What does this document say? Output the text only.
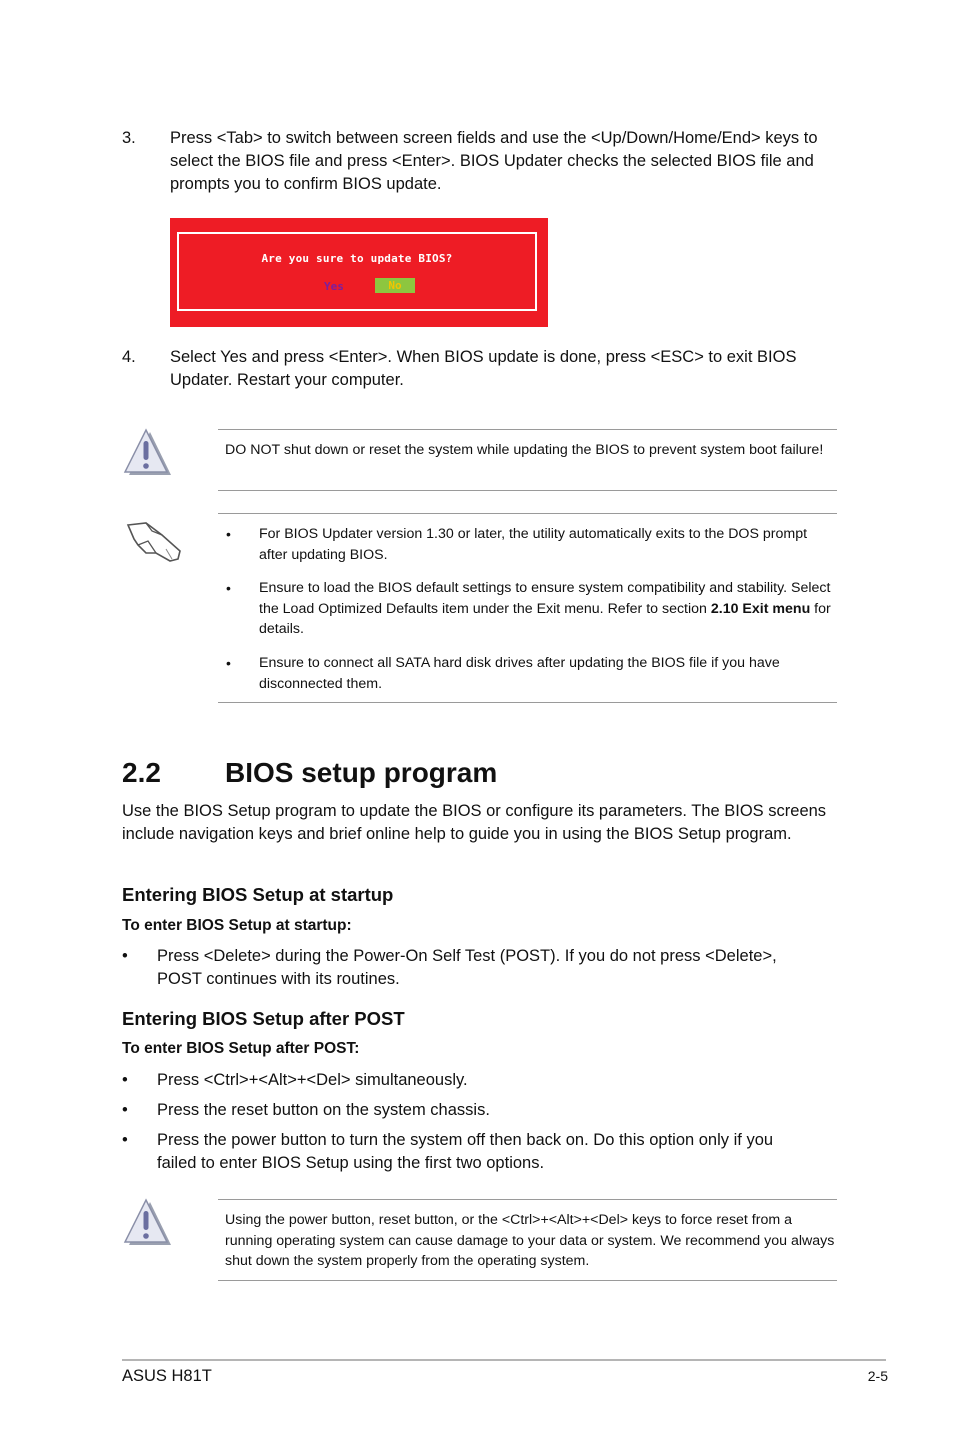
3. Press <Tab> to switch between screen fields and use the <Up/Down/Home/End> keys to select the BIOS file and press <Enter>. BIOS Updater checks the selected BIOS file and prompts you to confirm BIOS update.
Are you sure to update BIOS?
Yes	No
4. Select Yes and press <Enter>. When BIOS update is done, press <ESC> to exit BIOS Updater. Restart your computer.
DO NOT shut down or reset the system while updating the BIOS to prevent system boot failure!
• For BIOS Updater version 1.30 or later, the utility automatically exits to the DOS prompt after updating BIOS.
• Ensure to load the BIOS default settings to ensure system compatibility and stability. Select the Load Optimized Defaults item under the Exit menu. Refer to section 2.10 Exit menu for details.
• Ensure to connect all SATA hard disk drives after updating the BIOS file if you have disconnected them.
2.2 BIOS setup program
Use the BIOS Setup program to update the BIOS or configure its parameters. The BIOS screens include navigation keys and brief online help to guide you in using the BIOS Setup program.
Entering BIOS Setup at startup
To enter BIOS Setup at startup:
• Press <Delete> during the Power-On Self Test (POST). If you do not press <Delete>, POST continues with its routines.
Entering BIOS Setup after POST
To enter BIOS Setup after POST:
• Press <Ctrl>+<Alt>+<Del> simultaneously.
• Press the reset button on the system chassis.
• Press the power button to turn the system off then back on. Do this option only if you failed to enter BIOS Setup using the first two options.
Using the power button, reset button, or the <Ctrl>+<Alt>+<Del> keys to force reset from a running operating system can cause damage to your data or system. We recommend you always shut down the system properly from the operating system.
ASUS H81T	2-5
